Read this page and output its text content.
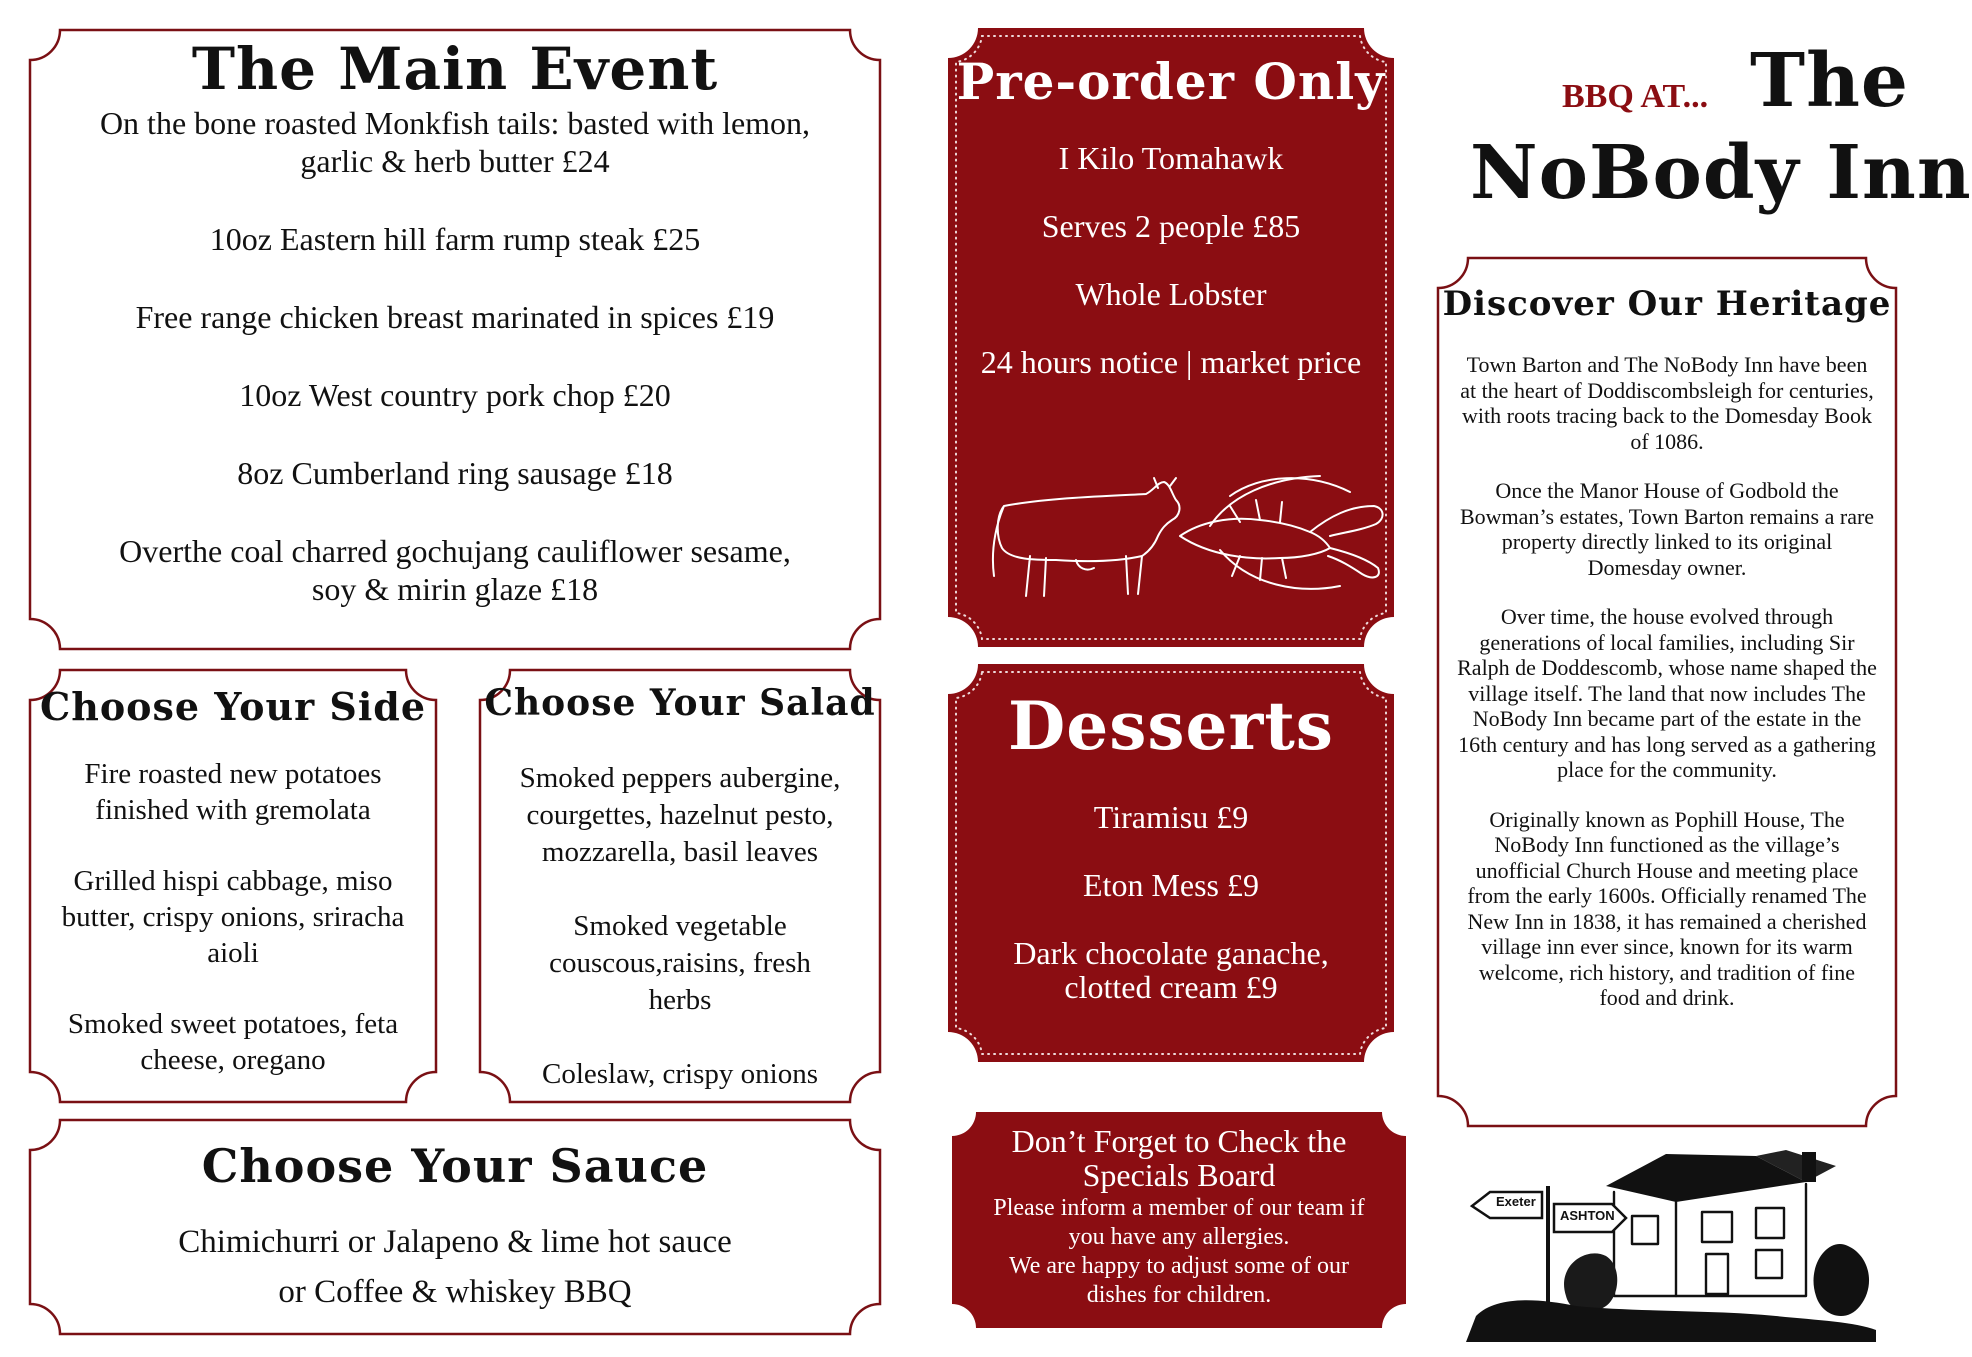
The Main Event

On the bone roasted Monkfish tails: basted with lemon, garlic & herb butter £24

10oz Eastern hill farm rump steak £25

Free range chicken breast marinated in spices £19

10oz West country pork chop £20

8oz Cumberland ring sausage £18

Overthe coal charred gochujang cauliflower sesame, soy & mirin glaze £18

Choose Your Side

Fire roasted new potatoes finished with gremolata

Grilled hispi cabbage, miso butter, crispy onions, sriracha aioli

Smoked sweet potatoes, feta cheese, oregano

Choose Your Salad

Smoked peppers aubergine, courgettes, hazelnut pesto, mozzarella, basil leaves

Smoked vegetable couscous,raisins, fresh herbs

Coleslaw, crispy onions

Choose Your Sauce

Chimichurri or Jalapeno & lime hot sauce

or Coffee & whiskey BBQ

Pre-order Only

I Kilo Tomahawk

Serves 2 people £85

Whole Lobster

24 hours notice | market price

Desserts

Tiramisu £9

Eton Mess £9

Dark chocolate ganache, clotted cream £9

Don’t Forget to Check the Specials Board

Please inform a member of our team if you have any allergies.

We are happy to adjust some of our dishes for children.

BBQ AT... The
NoBody Inn
Discover Our Heritage

Town Barton and The NoBody Inn have been at the heart of Doddiscombsleigh for centuries, with roots tracing back to the Domesday Book of 1086.

Once the Manor House of Godbold the Bowman’s estates, Town Barton remains a rare property directly linked to its original Domesday owner.

Over time, the house evolved through generations of local families, including Sir Ralph de Doddescomb, whose name shaped the village itself. The land that now includes The NoBody Inn became part of the estate in the 16th century and has long served as a gathering place for the community.

Originally known as Pophill House, The NoBody Inn functioned as the village’s unofficial Church House and meeting place from the early 1600s. Officially renamed The New Inn in 1838, it has remained a cherished village inn ever since, known for its warm welcome, rich history, and tradition of fine food and drink.

Exeter
ASHTON
